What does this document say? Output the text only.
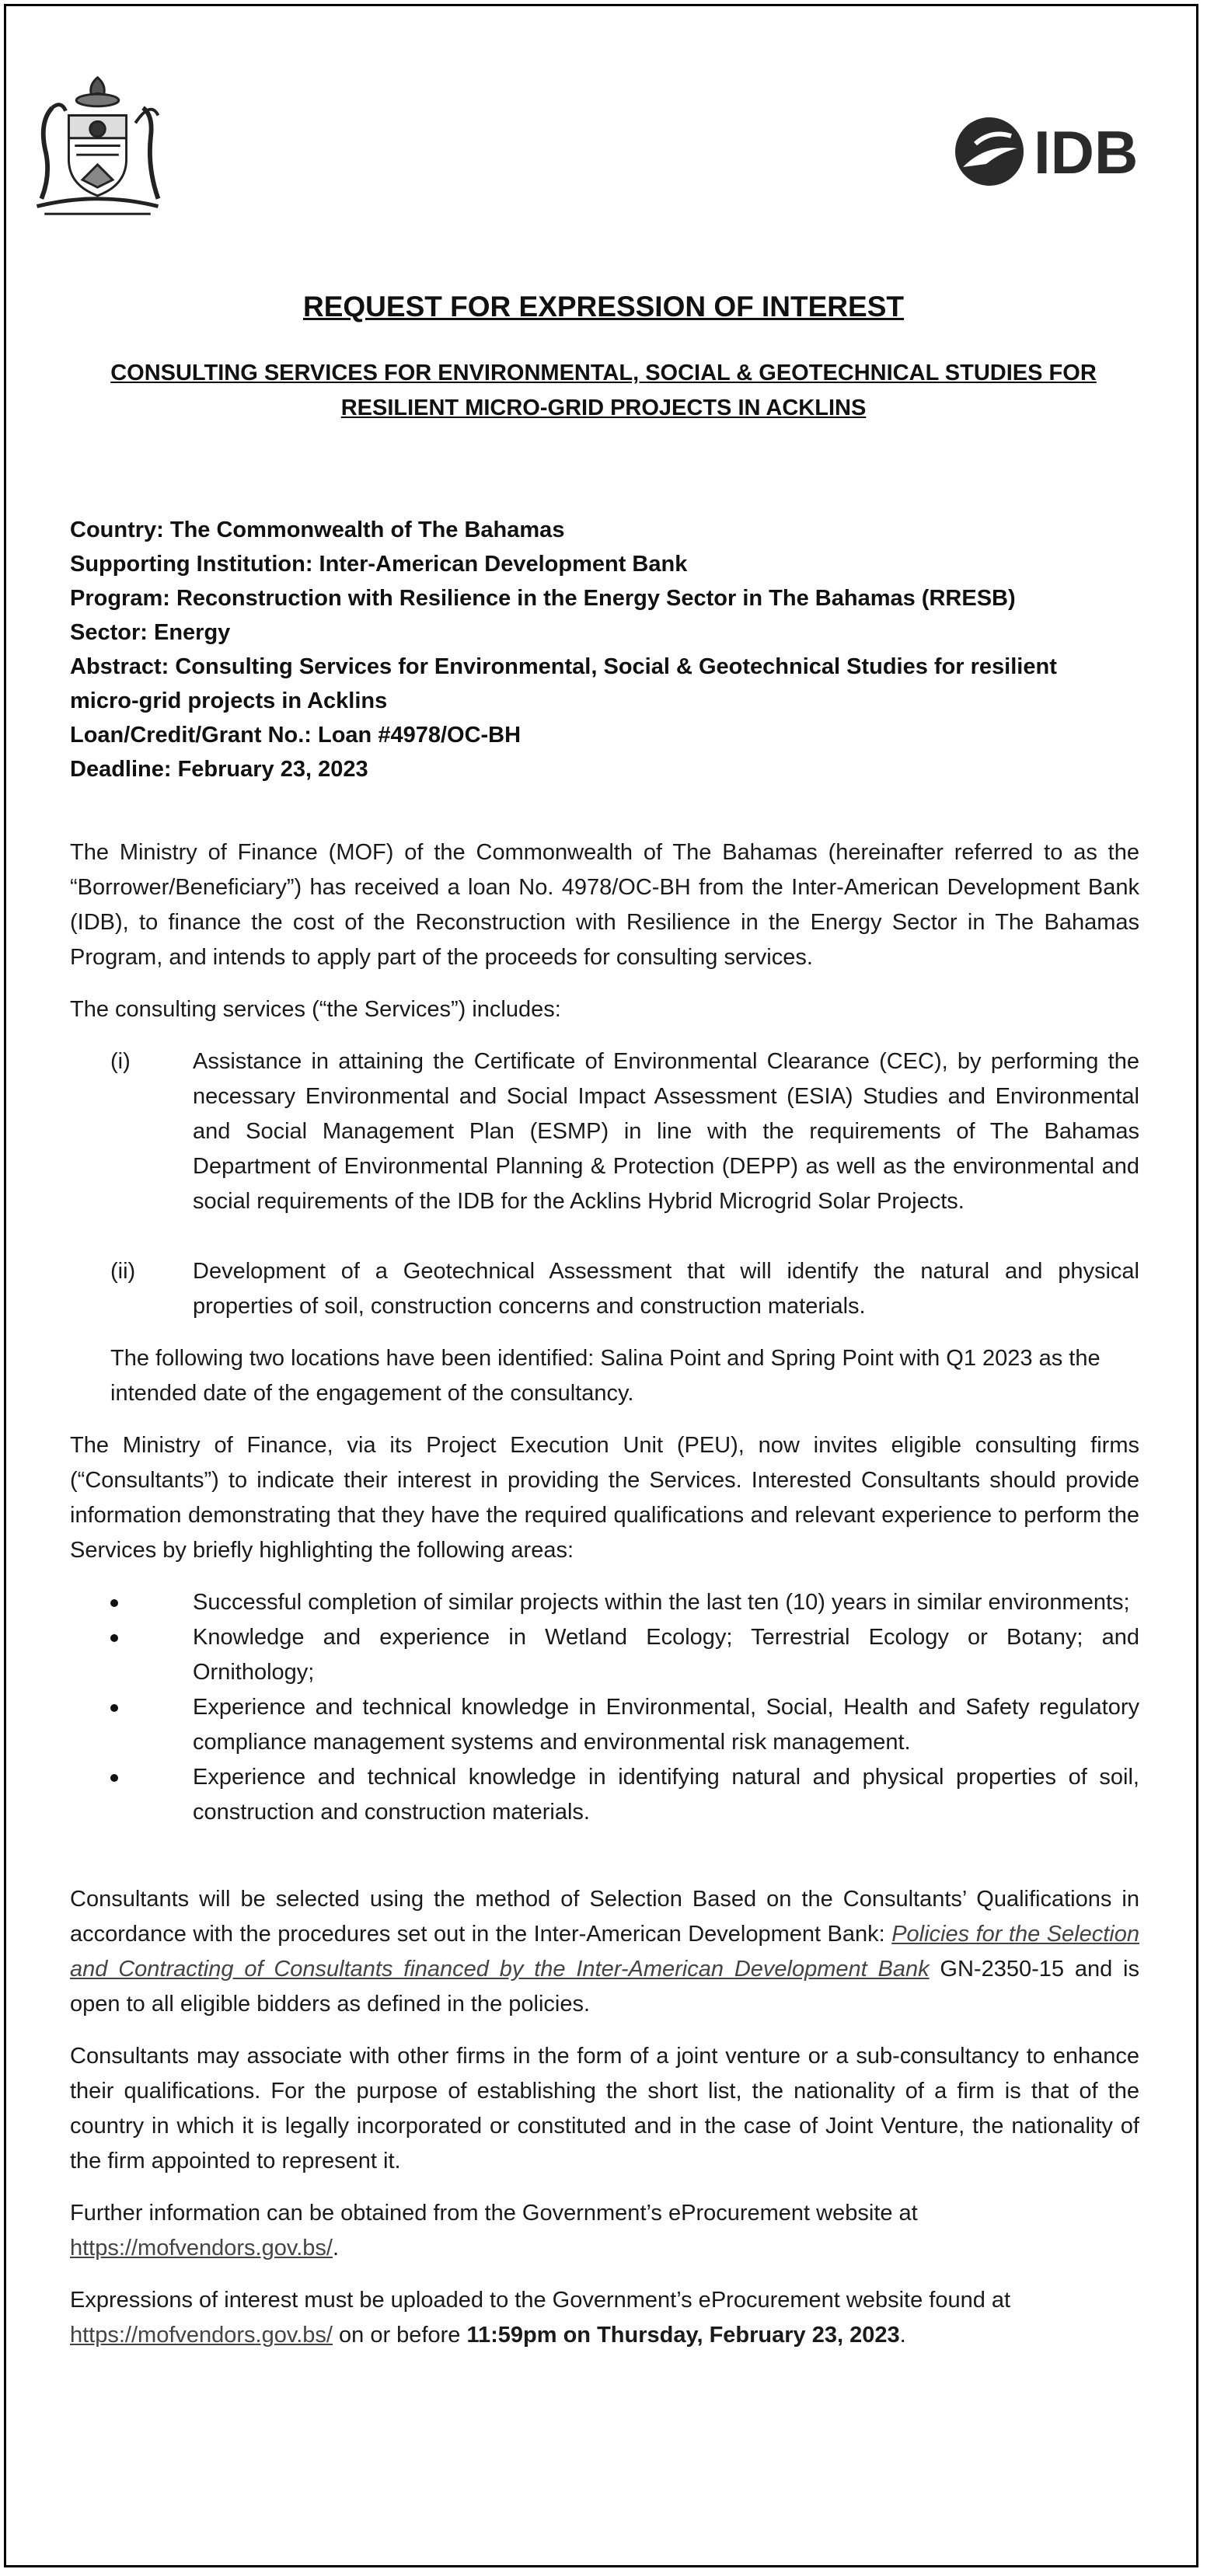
IDB
REQUEST FOR EXPRESSION OF INTEREST
CONSULTING SERVICES FOR ENVIRONMENTAL, SOCIAL & GEOTECHNICAL STUDIES FOR
RESILIENT MICRO-GRID PROJECTS IN ACKLINS
Country: The Commonwealth of The Bahamas
Supporting Institution: Inter-American Development Bank
Program: Reconstruction with Resilience in the Energy Sector in The Bahamas (RRESB)
Sector: Energy
Abstract: Consulting Services for Environmental, Social & Geotechnical Studies for resilient micro-grid projects in Acklins
Loan/Credit/Grant No.: Loan #4978/OC-BH
Deadline: February 23, 2023

The Ministry of Finance (MOF) of the Commonwealth of The Bahamas (hereinafter referred to as the “Borrower/Beneficiary”) has received a loan No. 4978/OC-BH from the Inter-American Development Bank (IDB), to finance the cost of the Reconstruction with Resilience in the Energy Sector in The Bahamas Program, and intends to apply part of the proceeds for consulting services.

The consulting services (“the Services”) includes:

(i)	Assistance in attaining the Certificate of Environmental Clearance (CEC), by performing the necessary Environmental and Social Impact Assessment (ESIA) Studies and Environmental and Social Management Plan (ESMP) in line with the requirements of The Bahamas Department of Environmental Planning & Protection (DEPP) as well as the environmental and social requirements of the IDB for the Acklins Hybrid Microgrid Solar Projects.

(ii)	Development of a Geotechnical Assessment that will identify the natural and physical properties of soil, construction concerns and construction materials.

The following two locations have been identified: Salina Point and Spring Point with Q1 2023 as the intended date of the engagement of the consultancy.

The Ministry of Finance, via its Project Execution Unit (PEU), now invites eligible consulting firms (“Consultants”) to indicate their interest in providing the Services. Interested Consultants should provide information demonstrating that they have the required qualifications and relevant experience to perform the Services by briefly highlighting the following areas:

Successful completion of similar projects within the last ten (10) years in similar environments;

Knowledge and experience in Wetland Ecology; Terrestrial Ecology or Botany; and Ornithology;

Experience and technical knowledge in Environmental, Social, Health and Safety regulatory compliance management systems and environmental risk management.

Experience and technical knowledge in identifying natural and physical properties of soil, construction and construction materials.

Consultants will be selected using the method of Selection Based on the Consultants’ Qualifications in accordance with the procedures set out in the Inter-American Development Bank: Policies for the Selection and Contracting of Consultants financed by the Inter-American Development Bank GN-2350-15 and is open to all eligible bidders as defined in the policies.

Consultants may associate with other firms in the form of a joint venture or a sub-consultancy to enhance their qualifications. For the purpose of establishing the short list, the nationality of a firm is that of the country in which it is legally incorporated or constituted and in the case of Joint Venture, the nationality of the firm appointed to represent it.

Further information can be obtained from the Government’s eProcurement website at
https://mofvendors.gov.bs/.

Expressions of interest must be uploaded to the Government’s eProcurement website found at
https://mofvendors.gov.bs/ on or before 11:59pm on Thursday, February 23, 2023.
